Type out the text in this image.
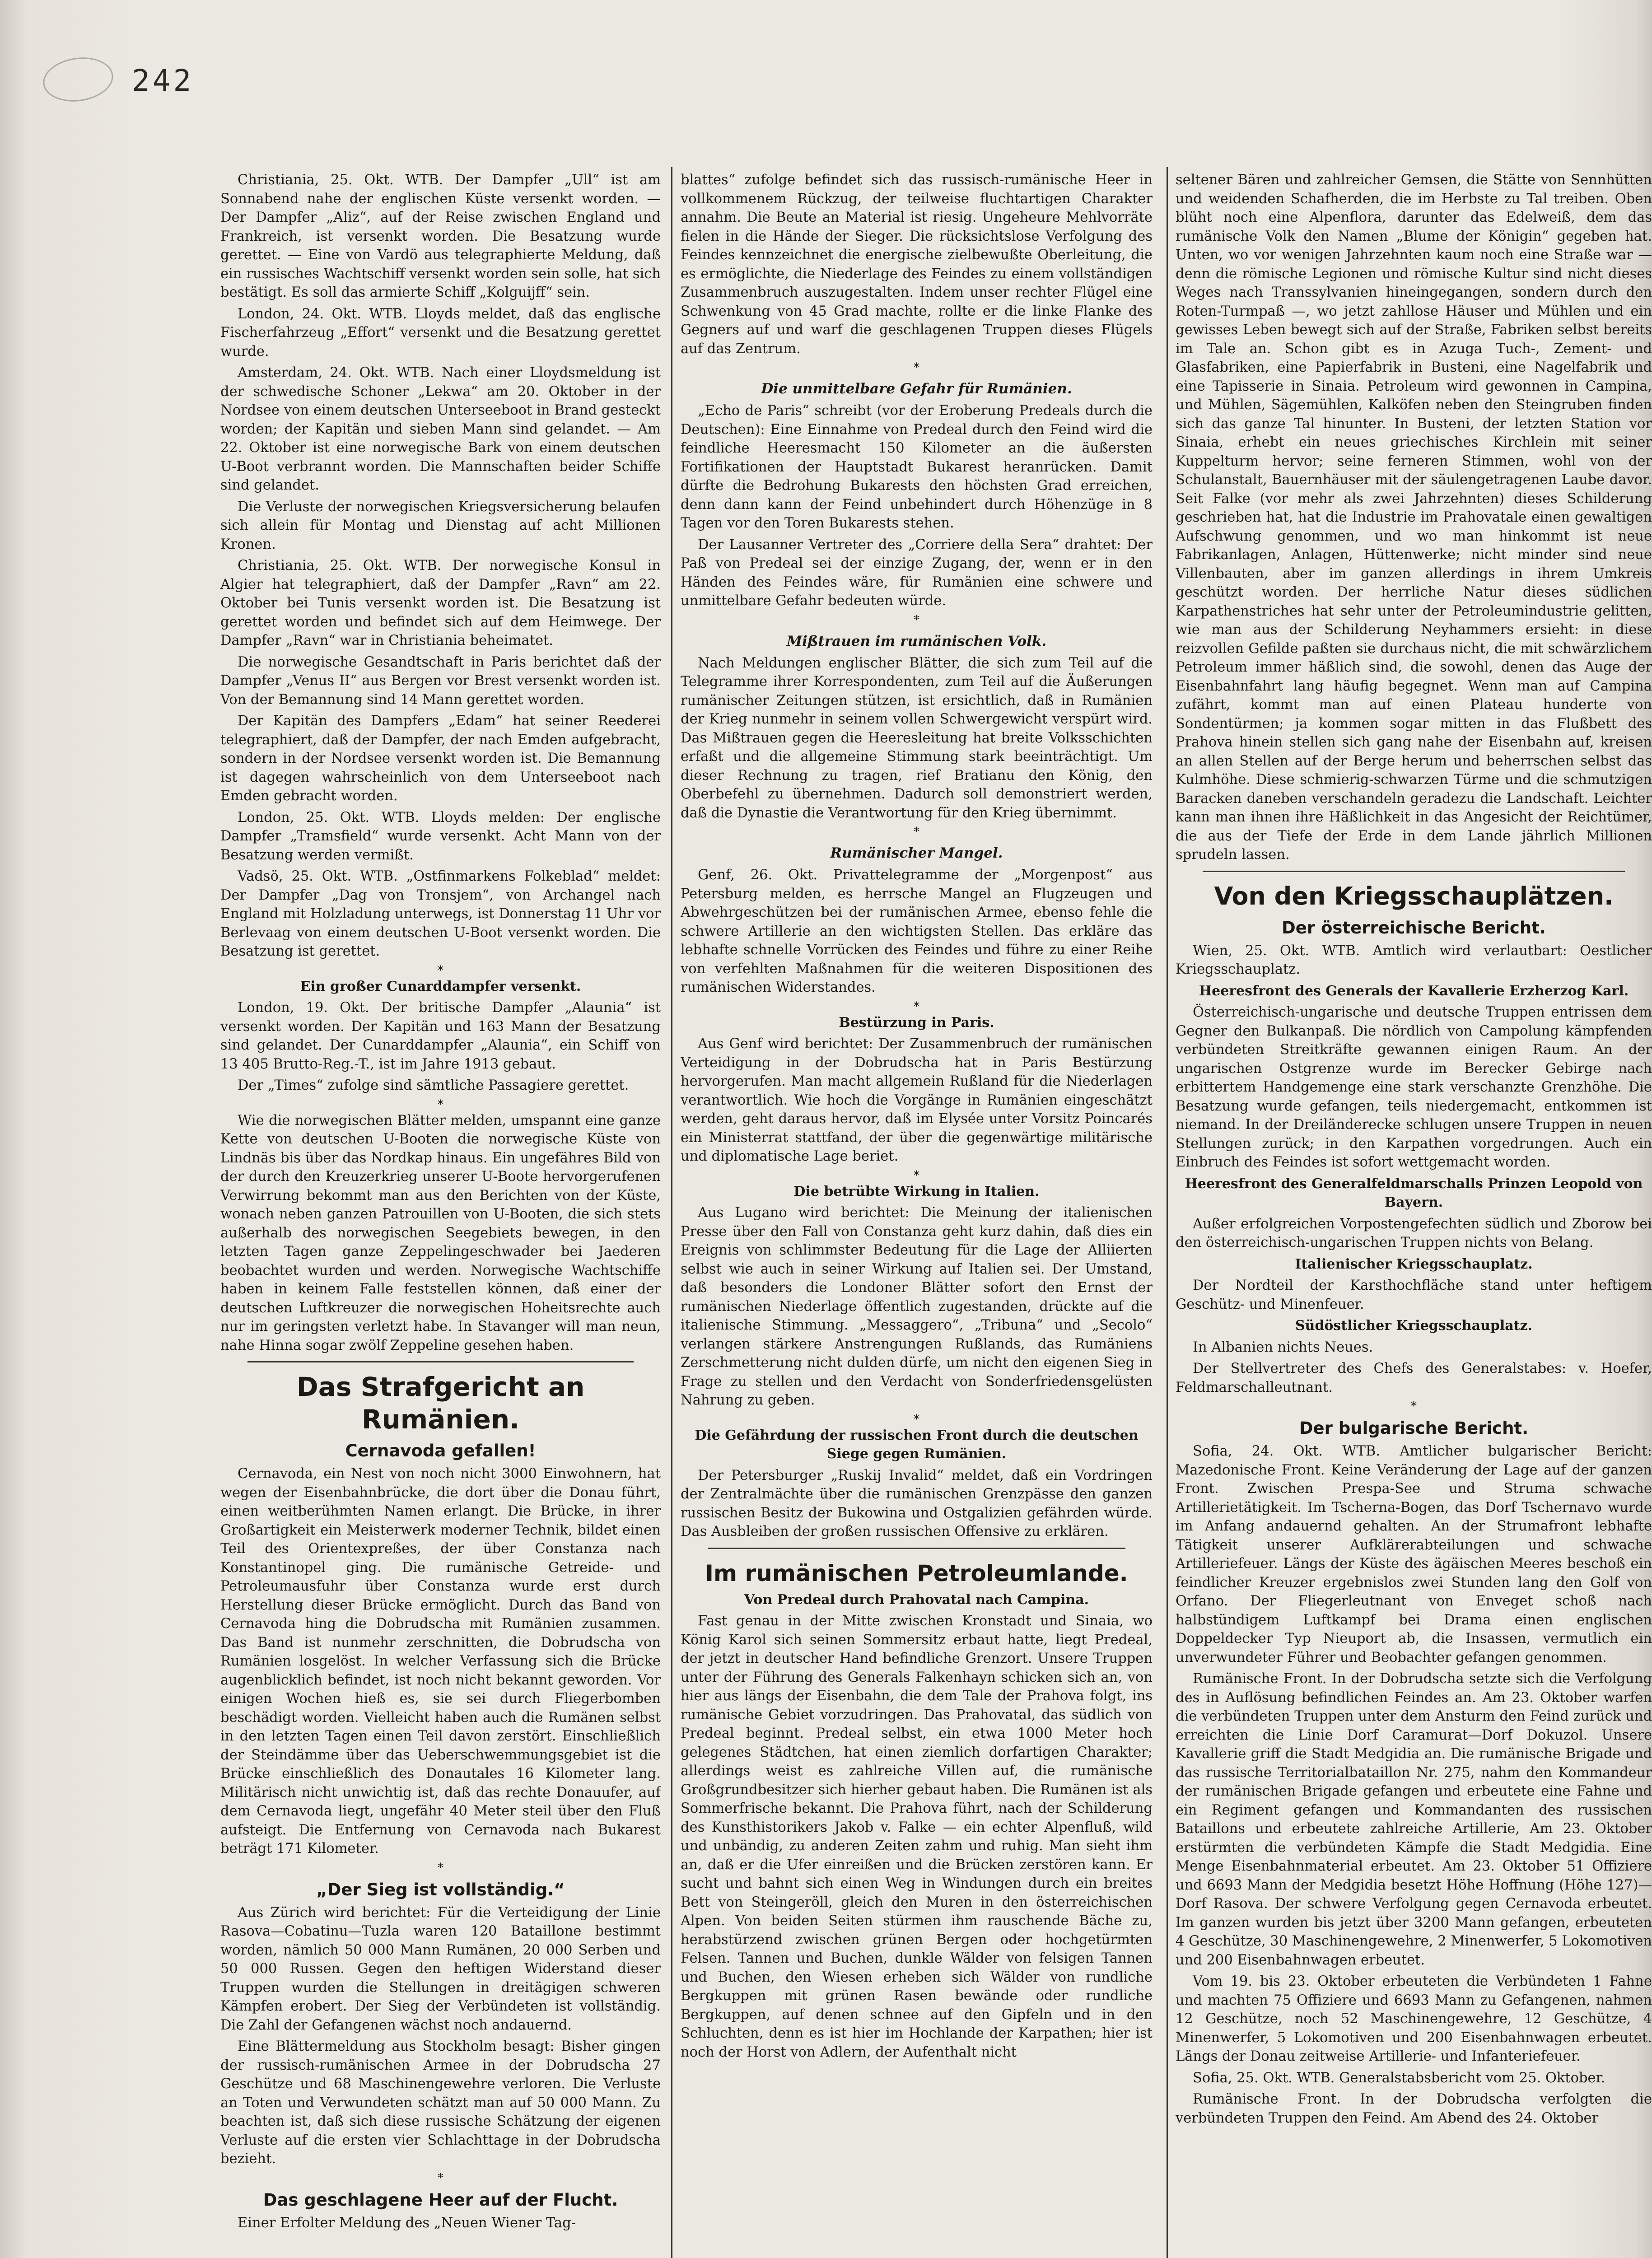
242

Christiania, 25. Okt. WTB. Der Dampfer „Ull“ ist am Sonnabend nahe der englischen Küste versenkt worden. — Der Dampfer „Aliz“, auf der Reise zwischen England und Frankreich, ist versenkt worden. Die Besatzung wurde gerettet. — Eine von Vardö aus telegraphierte Meldung, daß ein russisches Wachtschiff versenkt worden sein solle, hat sich bestätigt. Es soll das armierte Schiff „Kolguijff“ sein.

London, 24. Okt. WTB. Lloyds meldet, daß das englische Fischerfahrzeug „Effort“ versenkt und die Besatzung gerettet wurde.

Amsterdam, 24. Okt. WTB. Nach einer Lloydsmeldung ist der schwedische Schoner „Lekwa“ am 20. Oktober in der Nordsee von einem deutschen Unterseeboot in Brand gesteckt worden; der Kapitän und sieben Mann sind gelandet. — Am 22. Oktober ist eine norwegische Bark von einem deutschen U-Boot verbrannt worden. Die Mannschaften beider Schiffe sind gelandet.

Die Verluste der norwegischen Kriegsversicherung belaufen sich allein für Montag und Dienstag auf acht Millionen Kronen.

Christiania, 25. Okt. WTB. Der norwegische Konsul in Algier hat telegraphiert, daß der Dampfer „Ravn“ am 22. Oktober bei Tunis versenkt worden ist. Die Besatzung ist gerettet worden und befindet sich auf dem Heimwege. Der Dampfer „Ravn“ war in Christiania beheimatet.

Die norwegische Gesandtschaft in Paris berichtet daß der Dampfer „Venus II“ aus Bergen vor Brest versenkt worden ist. Von der Bemannung sind 14 Mann gerettet worden.

Der Kapitän des Dampfers „Edam“ hat seiner Reederei telegraphiert, daß der Dampfer, der nach Emden aufgebracht, sondern in der Nordsee versenkt worden ist. Die Bemannung ist dagegen wahrscheinlich von dem Unterseeboot nach Emden gebracht worden.

London, 25. Okt. WTB. Lloyds melden: Der englische Dampfer „Tramsfield“ wurde versenkt. Acht Mann von der Besatzung werden vermißt.

Vadsö, 25. Okt. WTB. „Ostfinmarkens Folkeblad“ meldet: Der Dampfer „Dag von Tronsjem“, von Archangel nach England mit Holzladung unterwegs, ist Donnerstag 11 Uhr vor Berlevaag von einem deutschen U-Boot versenkt worden. Die Besatzung ist gerettet.

*

Ein großer Cunarddampfer versenkt.

London, 19. Okt. Der britische Dampfer „Alaunia“ ist versenkt worden. Der Kapitän und 163 Mann der Besatzung sind gelandet. Der Cunarddampfer „Alaunia“, ein Schiff von 13 405 Brutto-Reg.-T., ist im Jahre 1913 gebaut.

Der „Times“ zufolge sind sämtliche Passagiere gerettet.

*

Wie die norwegischen Blätter melden, umspannt eine ganze Kette von deutschen U-Booten die norwegische Küste von Lindnäs bis über das Nordkap hinaus. Ein ungefähres Bild von der durch den Kreuzerkrieg unserer U-Boote hervorgerufenen Verwirrung bekommt man aus den Berichten von der Küste, wonach neben ganzen Patrouillen von U-Booten, die sich stets außerhalb des norwegischen Seegebiets bewegen, in den letzten Tagen ganze Zeppelingeschwader bei Jaederen beobachtet wurden und werden. Norwegische Wachtschiffe haben in keinem Falle feststellen können, daß einer der deutschen Luftkreuzer die norwegischen Hoheitsrechte auch nur im geringsten verletzt habe. In Stavanger will man neun, nahe Hinna sogar zwölf Zeppeline gesehen haben.

Das Strafgericht an Rumänien.

Cernavoda gefallen!

Cernavoda, ein Nest von noch nicht 3000 Einwohnern, hat wegen der Eisenbahnbrücke, die dort über die Donau führt, einen weitberühmten Namen erlangt. Die Brücke, in ihrer Großartigkeit ein Meisterwerk moderner Technik, bildet einen Teil des Orientexpreßes, der über Constanza nach Konstantinopel ging. Die rumänische Getreide- und Petroleumausfuhr über Constanza wurde erst durch Herstellung dieser Brücke ermöglicht. Durch das Band von Cernavoda hing die Dobrudscha mit Rumänien zusammen. Das Band ist nunmehr zerschnitten, die Dobrudscha von Rumänien losgelöst. In welcher Verfassung sich die Brücke augenblicklich befindet, ist noch nicht bekannt geworden. Vor einigen Wochen hieß es, sie sei durch Fliegerbomben beschädigt worden. Vielleicht haben auch die Rumänen selbst in den letzten Tagen einen Teil davon zerstört. Einschließlich der Steindämme über das Ueberschwemmungsgebiet ist die Brücke einschließlich des Donautales 16 Kilometer lang. Militärisch nicht unwichtig ist, daß das rechte Donauufer, auf dem Cernavoda liegt, ungefähr 40 Meter steil über den Fluß aufsteigt. Die Entfernung von Cernavoda nach Bukarest beträgt 171 Kilometer.

*

„Der Sieg ist vollständig.“

Aus Zürich wird berichtet: Für die Verteidigung der Linie Rasova—Cobatinu—Tuzla waren 120 Bataillone bestimmt worden, nämlich 50 000 Mann Rumänen, 20 000 Serben und 50 000 Russen. Gegen den heftigen Widerstand dieser Truppen wurden die Stellungen in dreitägigen schweren Kämpfen erobert. Der Sieg der Verbündeten ist vollständig. Die Zahl der Gefangenen wächst noch andauernd.

Eine Blättermeldung aus Stockholm besagt: Bisher gingen der russisch-rumänischen Armee in der Dobrudscha 27 Geschütze und 68 Maschinengewehre verloren. Die Verluste an Toten und Verwundeten schätzt man auf 50 000 Mann. Zu beachten ist, daß sich diese russische Schätzung der eigenen Verluste auf die ersten vier Schlachttage in der Dobrudscha bezieht.

*

Das geschlagene Heer auf der Flucht.

Einer Erfolter Meldung des „Neuen Wiener Tag-

blattes“ zufolge befindet sich das russisch-rumänische Heer in vollkommenem Rückzug, der teilweise fluchtartigen Charakter annahm. Die Beute an Material ist riesig. Ungeheure Mehlvorräte fielen in die Hände der Sieger. Die rücksichtslose Verfolgung des Feindes kennzeichnet die energische zielbewußte Oberleitung, die es ermöglichte, die Niederlage des Feindes zu einem vollständigen Zusammenbruch auszugestalten. Indem unser rechter Flügel eine Schwenkung von 45 Grad machte, rollte er die linke Flanke des Gegners auf und warf die geschlagenen Truppen dieses Flügels auf das Zentrum.

*

Die unmittelbare Gefahr für Rumänien.

„Echo de Paris“ schreibt (vor der Eroberung Predeals durch die Deutschen): Eine Einnahme von Predeal durch den Feind wird die feindliche Heeresmacht 150 Kilometer an die äußersten Fortifikationen der Hauptstadt Bukarest heranrücken. Damit dürfte die Bedrohung Bukarests den höchsten Grad erreichen, denn dann kann der Feind unbehindert durch Höhenzüge in 8 Tagen vor den Toren Bukarests stehen.

Der Lausanner Vertreter des „Corriere della Sera“ drahtet: Der Paß von Predeal sei der einzige Zugang, der, wenn er in den Händen des Feindes wäre, für Rumänien eine schwere und unmittelbare Gefahr bedeuten würde.

*

Mißtrauen im rumänischen Volk.

Nach Meldungen englischer Blätter, die sich zum Teil auf die Telegramme ihrer Korrespondenten, zum Teil auf die Äußerungen rumänischer Zeitungen stützen, ist ersichtlich, daß in Rumänien der Krieg nunmehr in seinem vollen Schwergewicht verspürt wird. Das Mißtrauen gegen die Heeresleitung hat breite Volksschichten erfaßt und die allgemeine Stimmung stark beeinträchtigt. Um dieser Rechnung zu tragen, rief Bratianu den König, den Oberbefehl zu übernehmen. Dadurch soll demonstriert werden, daß die Dynastie die Verantwortung für den Krieg übernimmt.

*

Rumänischer Mangel.

Genf, 26. Okt. Privattelegramme der „Morgenpost“ aus Petersburg melden, es herrsche Mangel an Flugzeugen und Abwehrgeschützen bei der rumänischen Armee, ebenso fehle die schwere Artillerie an den wichtigsten Stellen. Das erkläre das lebhafte schnelle Vorrücken des Feindes und führe zu einer Reihe von verfehlten Maßnahmen für die weiteren Dispositionen des rumänischen Widerstandes.

*

Bestürzung in Paris.

Aus Genf wird berichtet: Der Zusammenbruch der rumänischen Verteidigung in der Dobrudscha hat in Paris Bestürzung hervorgerufen. Man macht allgemein Rußland für die Niederlagen verantwortlich. Wie hoch die Vorgänge in Rumänien eingeschätzt werden, geht daraus hervor, daß im Elysée unter Vorsitz Poincarés ein Ministerrat stattfand, der über die gegenwärtige militärische und diplomatische Lage beriet.

*

Die betrübte Wirkung in Italien.

Aus Lugano wird berichtet: Die Meinung der italienischen Presse über den Fall von Constanza geht kurz dahin, daß dies ein Ereignis von schlimmster Bedeutung für die Lage der Alliierten selbst wie auch in seiner Wirkung auf Italien sei. Der Umstand, daß besonders die Londoner Blätter sofort den Ernst der rumänischen Niederlage öffentlich zugestanden, drückte auf die italienische Stimmung. „Messaggero“, „Tribuna“ und „Secolo“ verlangen stärkere Anstrengungen Rußlands, das Rumäniens Zerschmetterung nicht dulden dürfe, um nicht den eigenen Sieg in Frage zu stellen und den Verdacht von Sonderfriedensgelüsten Nahrung zu geben.

*

Die Gefährdung der russischen Front durch die deutschen Siege gegen Rumänien.

Der Petersburger „Ruskij Invalid“ meldet, daß ein Vordringen der Zentralmächte über die rumänischen Grenzpässe den ganzen russischen Besitz der Bukowina und Ostgalizien gefährden würde. Das Ausbleiben der großen russischen Offensive zu erklären.

Im rumänischen Petroleumlande.

Von Predeal durch Prahovatal nach Campina.

Fast genau in der Mitte zwischen Kronstadt und Sinaia, wo König Karol sich seinen Sommersitz erbaut hatte, liegt Predeal, der jetzt in deutscher Hand befindliche Grenzort. Unsere Truppen unter der Führung des Generals Falkenhayn schicken sich an, von hier aus längs der Eisenbahn, die dem Tale der Prahova folgt, ins rumänische Gebiet vorzudringen. Das Prahovatal, das südlich von Predeal beginnt. Predeal selbst, ein etwa 1000 Meter hoch gelegenes Städtchen, hat einen ziemlich dorfartigen Charakter; allerdings weist es zahlreiche Villen auf, die rumänische Großgrundbesitzer sich hierher gebaut haben. Die Rumänen ist als Sommerfrische bekannt. Die Prahova führt, nach der Schilderung des Kunsthistorikers Jakob v. Falke — ein echter Alpenfluß, wild und unbändig, zu anderen Zeiten zahm und ruhig. Man sieht ihm an, daß er die Ufer einreißen und die Brücken zerstören kann. Er sucht und bahnt sich einen Weg in Windungen durch ein breites Bett von Steingeröll, gleich den Muren in den österreichischen Alpen. Von beiden Seiten stürmen ihm rauschende Bäche zu, herabstürzend zwischen grünen Bergen oder hochgetürmten Felsen. Tannen und Buchen, dunkle Wälder von felsigen Tannen und Buchen, den Wiesen erheben sich Wälder von rundliche Bergkuppen mit grünen Rasen bewände oder rundliche Bergkuppen, auf denen schnee auf den Gipfeln und in den Schluchten, denn es ist hier im Hochlande der Karpathen; hier ist noch der Horst von Adlern, der Aufenthalt nicht

seltener Bären und zahlreicher Gemsen, die Stätte von Sennhütten und weidenden Schafherden, die im Herbste zu Tal treiben. Oben blüht noch eine Alpenflora, darunter das Edelweiß, dem das rumänische Volk den Namen „Blume der Königin“ gegeben hat. Unten, wo vor wenigen Jahrzehnten kaum noch eine Straße war — denn die römische Legionen und römische Kultur sind nicht dieses Weges nach Transsylvanien hineingegangen, sondern durch den Roten-Turmpaß —, wo jetzt zahllose Häuser und Mühlen und ein gewisses Leben bewegt sich auf der Straße, Fabriken selbst bereits im Tale an. Schon gibt es in Azuga Tuch-, Zement- und Glasfabriken, eine Papierfabrik in Busteni, eine Nagelfabrik und eine Tapisserie in Sinaia. Petroleum wird gewonnen in Campina, und Mühlen, Sägemühlen, Kalköfen neben den Steingruben finden sich das ganze Tal hinunter. In Busteni, der letzten Station vor Sinaia, erhebt ein neues griechisches Kirchlein mit seiner Kuppelturm hervor; seine ferneren Stimmen, wohl von der Schulanstalt, Bauernhäuser mit der säulengetragenen Laube davor. Seit Falke (vor mehr als zwei Jahrzehnten) dieses Schilderung geschrieben hat, hat die Industrie im Prahovatale einen gewaltigen Aufschwung genommen, und wo man hinkommt ist neue Fabrikanlagen, Anlagen, Hüttenwerke; nicht minder sind neue Villenbauten, aber im ganzen allerdings in ihrem Umkreis geschützt worden. Der herrliche Natur dieses südlichen Karpathenstriches hat sehr unter der Petroleumindustrie gelitten, wie man aus der Schilderung Neyhammers ersieht: in diese reizvollen Gefilde paßten sie durchaus nicht, die mit schwärzlichem Petroleum immer häßlich sind, die sowohl, denen das Auge der Eisenbahnfahrt lang häufig begegnet. Wenn man auf Campina zufährt, kommt man auf einen Plateau hunderte von Sondentürmen; ja kommen sogar mitten in das Flußbett des Prahova hinein stellen sich gang nahe der Eisenbahn auf, kreisen an allen Stellen auf der Berge herum und beherrschen selbst das Kulmhöhe. Diese schmierig-schwarzen Türme und die schmutzigen Baracken daneben verschandeln geradezu die Landschaft. Leichter kann man ihnen ihre Häßlichkeit in das Angesicht der Reichtümer, die aus der Tiefe der Erde in dem Lande jährlich Millionen sprudeln lassen.

Von den Kriegsschauplätzen.

Der österreichische Bericht.

Wien, 25. Okt. WTB. Amtlich wird verlautbart: Oestlicher Kriegsschauplatz.

Heeresfront des Generals der Kavallerie Erzherzog Karl.

Österreichisch-ungarische und deutsche Truppen entrissen dem Gegner den Bulkanpaß. Die nördlich von Campolung kämpfenden verbündeten Streitkräfte gewannen einigen Raum. An der ungarischen Ostgrenze wurde im Berecker Gebirge nach erbittertem Handgemenge eine stark verschanzte Grenzhöhe. Die Besatzung wurde gefangen, teils niedergemacht, entkommen ist niemand. In der Dreiländerecke schlugen unsere Truppen in neuen Stellungen zurück; in den Karpathen vorgedrungen. Auch ein Einbruch des Feindes ist sofort wettgemacht worden.

Heeresfront des Generalfeldmarschalls Prinzen Leopold von Bayern.

Außer erfolgreichen Vorpostengefechten südlich und Zborow bei den österreichisch-ungarischen Truppen nichts von Belang.

Italienischer Kriegsschauplatz.

Der Nordteil der Karsthochfläche stand unter heftigem Geschütz- und Minenfeuer.

Südöstlicher Kriegsschauplatz.

In Albanien nichts Neues.

Der Stellvertreter des Chefs des Generalstabes: v. Hoefer, Feldmarschalleutnant.

*

Der bulgarische Bericht.

Sofia, 24. Okt. WTB. Amtlicher bulgarischer Bericht: Mazedonische Front. Keine Veränderung der Lage auf der ganzen Front. Zwischen Prespa-See und Struma schwache Artillerietätigkeit. Im Tscherna-Bogen, das Dorf Tschernavo wurde im Anfang andauernd gehalten. An der Strumafront lebhafte Tätigkeit unserer Aufklärerabteilungen und schwache Artilleriefeuer. Längs der Küste des ägäischen Meeres beschoß ein feindlicher Kreuzer ergebnislos zwei Stunden lang den Golf von Orfano. Der Fliegerleutnant von Enveget schoß nach halbstündigem Luftkampf bei Drama einen englischen Doppeldecker Typ Nieuport ab, die Insassen, vermutlich ein unverwundeter Führer und Beobachter gefangen genommen.

Rumänische Front. In der Dobrudscha setzte sich die Verfolgung des in Auflösung befindlichen Feindes an. Am 23. Oktober warfen die verbündeten Truppen unter dem Ansturm den Feind zurück und erreichten die Linie Dorf Caramurat—Dorf Dokuzol. Unsere Kavallerie griff die Stadt Medgidia an. Die rumänische Brigade und das russische Territorialbataillon Nr. 275, nahm den Kommandeur der rumänischen Brigade gefangen und erbeutete eine Fahne und ein Regiment gefangen und Kommandanten des russischen Bataillons und erbeutete zahlreiche Artillerie, Am 23. Oktober erstürmten die verbündeten Kämpfe die Stadt Medgidia. Eine Menge Eisenbahnmaterial erbeutet. Am 23. Oktober 51 Offiziere und 6693 Mann der Medgidia besetzt Höhe Hoffnung (Höhe 127)—Dorf Rasova. Der schwere Verfolgung gegen Cernavoda erbeutet. Im ganzen wurden bis jetzt über 3200 Mann gefangen, erbeuteten 4 Geschütze, 30 Maschinengewehre, 2 Minenwerfer, 5 Lokomotiven und 200 Eisenbahnwagen erbeutet.

Vom 19. bis 23. Oktober erbeuteten die Verbündeten 1 Fahne und machten 75 Offiziere und 6693 Mann zu Gefangenen, nahmen 12 Geschütze, noch 52 Maschinengewehre, 12 Geschütze, 4 Minenwerfer, 5 Lokomotiven und 200 Eisenbahnwagen erbeutet. Längs der Donau zeitweise Artillerie- und Infanteriefeuer.

Sofia, 25. Okt. WTB. Generalstabsbericht vom 25. Oktober.

Rumänische Front. In der Dobrudscha verfolgten die verbündeten Truppen den Feind. Am Abend des 24. Oktober
